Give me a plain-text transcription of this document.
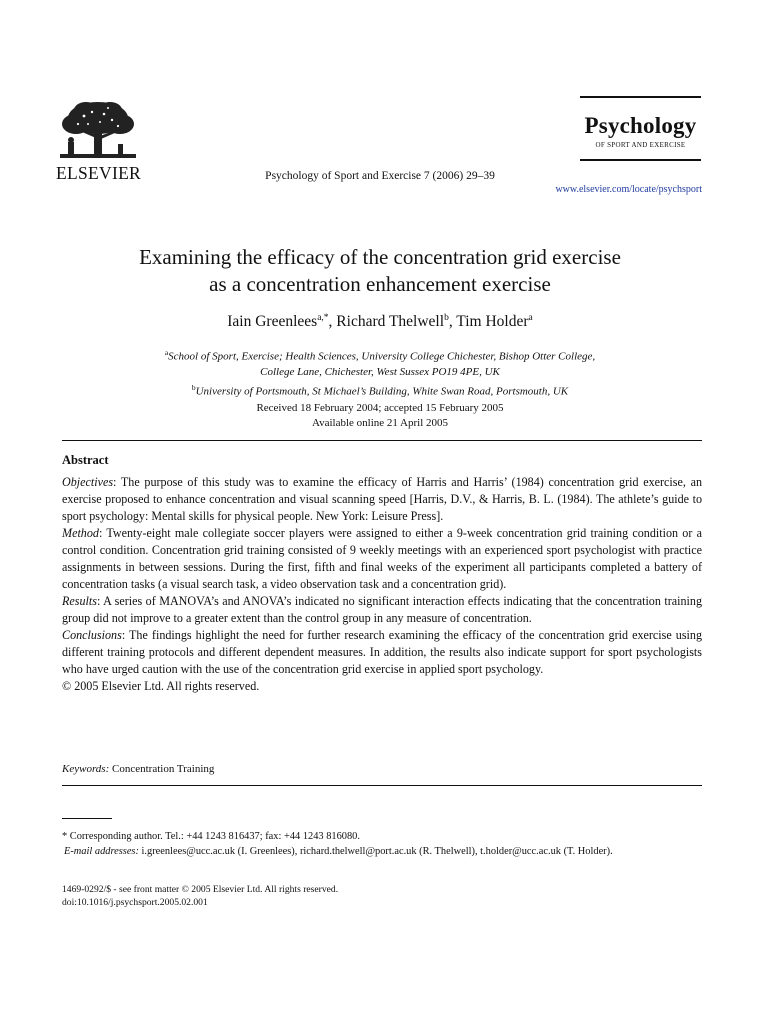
ELSEVIER	Psychology of Sport and Exercise 7 (2006) 29–39
Psychology
OF SPORT AND EXERCISE
www.elsevier.com/locate/psychsport
Examining the efficacy of the concentration grid exercise
as a concentration enhancement exercise
Iain Greenlees$^{a,*}$, Richard Thelwell$^b$, Tim Holder$^a$
$^a$School of Sport, Exercise; Health Sciences, University College Chichester, Bishop Otter College,
College Lane, Chichester, West Sussex PO19 4PE, UK
$^b$University of Portsmouth, St Michael’s Building, White Swan Road, Portsmouth, UK
Received 18 February 2004; accepted 15 February 2005
Available online 21 April 2005
Abstract

Objectives: The purpose of this study was to examine the efficacy of Harris and Harris’ (1984) concentration grid exercise, an exercise proposed to enhance concentration and visual scanning speed [Harris, D.V., & Harris, B. L. (1984). The athlete’s guide to sport psychology: Mental skills for physical people. New York: Leisure Press].

Method: Twenty-eight male collegiate soccer players were assigned to either a 9-week concentration grid training condition or a control condition. Concentration grid training consisted of 9 weekly meetings with an experienced sport psychologist with practice assignments in between sessions. During the first, fifth and final weeks of the experiment all participants completed a battery of concentration tasks (a visual search task, a video observation task and a concentration grid).

Results: A series of MANOVA’s and ANOVA’s indicated no significant interaction effects indicating that the concentration training group did not improve to a greater extent than the control group in any measure of concentration.

Conclusions: The findings highlight the need for further research examining the efficacy of the concentration grid exercise using different training protocols and different dependent measures. In addition, the results also indicate support for sport psychologists who have urged caution with the use of the concentration grid exercise in applied sport psychology.

© 2005 Elsevier Ltd. All rights reserved.

Keywords: Concentration Training

* Corresponding author. Tel.: +44 1243 816437; fax: +44 1243 816080.

E-mail addresses: i.greenlees@ucc.ac.uk (I. Greenlees), richard.thelwell@port.ac.uk (R. Thelwell), t.holder@ucc.ac.uk (T. Holder).

1469-0292/$ - see front matter © 2005 Elsevier Ltd. All rights reserved.
doi:10.1016/j.psychsport.2005.02.001
